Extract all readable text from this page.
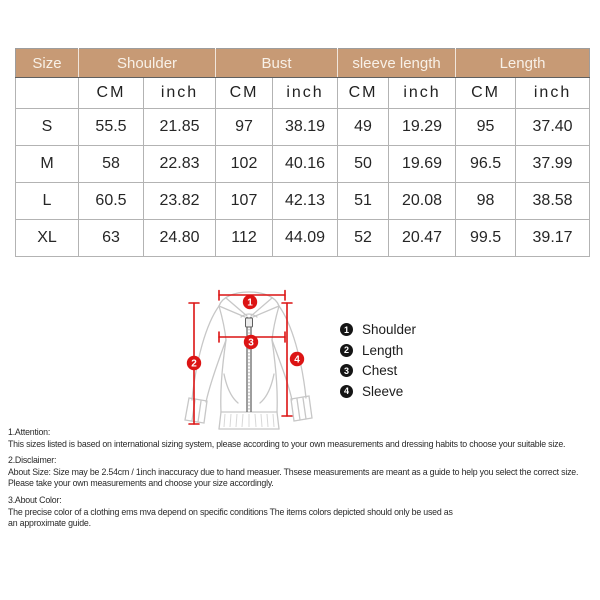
Size	Shoulder		Bust		sleeve length		Length	
	CM	inch	CM	inch	CM	inch	CM	inch
S	55.5	21.85	97	38.19	49	19.29	95	37.40
M	58	22.83	102	40.16	50	19.69	96.5	37.99
L	60.5	23.82	107	42.13	51	20.08	98	38.58
XL	63	24.80	112	44.09	52	20.47	99.5	39.17
1
2
3
4
1 Shoulder
2 Length
3 Chest
4 Sleeve
1.Attention:
This sizes listed is based on international sizing system, please according to your own measurements and dressing habits to choose your suitable size.
2.Disclaimer:
About Size: Size may be 2.54cm / 1inch inaccuracy due to hand measuer. Thsese measurements are meant as a guide to help you select the correct size.
Please take your own measurements and choose your size accordingly.
3.About Color:
The precise color of a clothing ems mva depend on specific conditions The items colors depicted should only be used as
an approximate guide.
